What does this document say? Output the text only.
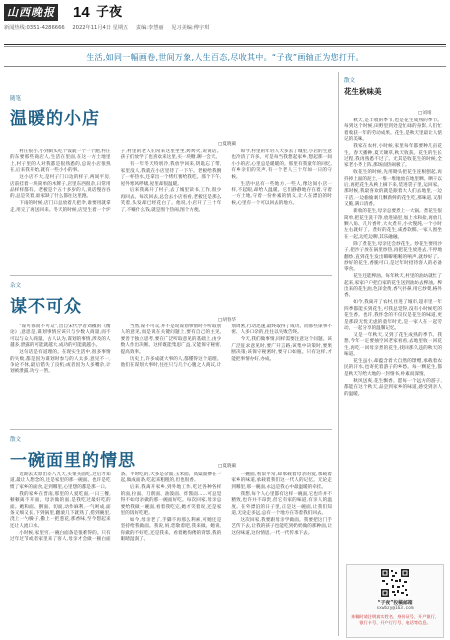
山西晚报 14 子夜
新闻热线:0351-4286666 2022年11月4日 星期五 责编:李慧丽 见习美编:傅宇琪
生活,如同一幅画卷,世间万象,人生百态,尽收其中。“子夜”画轴正为您打开。
随笔
温暖的小店
□夏晓蔺

村庄很小,小到街头吃个饭就一个一个跑,村庄的东要那些商店人,生活在里面,在这一方土地里上,村子里的人对我都是很熟悉的,总说小店很熟在,后来我开始,就有一些小小的事。

这小店不大,是村子门口边的样子,两间平房,店前挂着一块简单的木牌子,店里东西很杂,日常用品样样都有。老板是个五十多岁的人,说话慢吞吞的,总是笑着,谁家缺了什么都往这里跑。

下雨的时候,店门口总放着几把伞,谁要用就拿走,用完了再送回来。冬天的时候,店里生着一个炉子,村里的老人们常来这里坐坐,烤烤火,说说话。孩子们放学了也喜欢来这里,买一块糖,聊一会天。

有一年冬天特别冷,我放学回来,钥匙忘了带,家里没人,我就在小店里待了一下午。老板给我倒了一杯热水,还拿出一个烤红薯给我吃。那个下午,屋外寒风呼啸,屋里却很温暖。

后来我离开了村子,去了城里读书,工作,很少再回去。每次回去,总会去小店看看,老板还是那么笑着,头发却已经花白了。他说,小店开了三十年了,不赚什么钱,就是图个热闹,图个方便。

如今,村里的年轻人大多去了城里,小店的生意也冷清了许多。可是每当我想起家乡,想起那一间小小的店,心里总是暖暖的。那里有我童年的回忆,有乡亲们的笑声,有一个老人三十年如一日的守候。

生活中总有一些地方,一些人,像这间小店一样,不起眼,却给人温暖。它们静静地存在着,守着一方土地,守着一份朴素的情义,让人在漂泊的时候,心里有一个可以回去的地方。

杂文
谋不可众
□胡春华

“谋可寡而不可众”,出自宋代学者刘敞的《衡论》,意思是,谋划事情应该只与少数人商量,而不可以与众人商量。古人认为,谋划的事情,涉及的人越多,泄露的可能就越大,成功的可能就越小。

这句话是有道理的。在现实生活中,很多事情的失败,都是因为谋划时参与的人太多,意见不一,争论不休,最后错失了良机;或者因为人多嘴杂,计划被泄露,功亏一篑。

当然,谋不可众,并不是说谋划事情时不听取别人的意见,而是说在关键问题上,要有自己的主见,要善于独立思考,要在广泛听取意见的基础上,由少数人作出决断。这样既能集思广益,又能保守秘密,提高效率。

历史上,许多成就大事的人,都懂得这个道理。他们在谋划大事时,往往只与几个心腹之人商议,计划周密,行动迅速,最终取得了成功。而那些谋事不密、人多口杂的,往往以失败告终。

今天,我们做事情,同样需要注意这个问题。该广泛征求意见时,要广开言路;该集中决策时,要果断决策;该保守秘密时,要守口如瓶。只有这样,才能把事情办好,办成。

散文
一碗面里的情思	□夏晓蔺

近期去太原出差八九天,买菜买面吃,过后才知道,最让人想念的,还是家里的那一碗面。也许是吃惯了家乡的面食,走到哪里,心里想的都是那一口。

我的家乡在晋南,那里的人爱吃面,一日三餐,顿顿离不开面。母亲做的面,是我吃过最好吃的面。她和面、擀面、切面,动作麻利,一气呵成,面条又细又长,下到锅里,翻滚几下就熟了,捞到碗里,浇上一勺臊子,撒上一把葱花,那香味,至今想起来还让人流口水。

小时候,家里穷,一碗白面条是很难得的。只有过年过节或者家里来了客人,母亲才会做一顿白面条。平时吃的,大多是杂面,玉米面、高粱面掺在一起,做成面条,吃起来粗粗的,但也很香。

后来,我离开家乡,到外地工作,吃过各种各样的面,拉面、刀削面、油泼面、炸酱面……可总觉得不如母亲做的那一碗面好吃。每次回家,母亲总要给我做一碗面,看着我吃完,她才笑着说,还是家里的饭好吃吧。

如今,母亲老了,手脚不再那么利索,可她还是坚持给我做面。我说,妈,您歇着吧,我来做。她说,你做的不好吃,还是我来。看着她佝偻的背影,我的眼睛湿润了。

一碗面,看似平常,却承载着母亲的爱,承载着家乡的味道,承载着我们这一代人的记忆。无论走到哪里,那一碗面,永远是我心中最温暖的牵挂。

我想,每个人心里都有这样一碗面,它也许并不精致,也许并不昂贵,但它有家的味道,有亲人的温度。在外漂泊的日子里,正是这一碗面,让我们知道,无论走多远,总有一个地方在等着我们回去。

这次回家,我要跟母亲学做面。我要把这门手艺传下去,让我的孩子也能吃到奶奶做的那种面,让这份味道,这份情思,一代一代传承下去。

散文
花生秋味美
□刘靖

秋天,是丰收的季节,也是花生成熟的季节。每到这个时候,田野里到处是忙碌的身影,人们忙着收获一年的劳动成果。花生,是秋天里最让人惦记的美味。

我家在农村,小时候,家里每年都要种几亩花生。春天播种,夏天锄草,秋天收获。花生的生长过程,我再熟悉不过了。尤其是收花生的时候,全家老小齐上阵,那场面热闹极了。

收花生的时候,先用锄头把花生连根刨起,再抖掉上面的泥土,一堆一堆地放在地里晒。晒干以后,再把花生从秧上摘下来,装进袋子里,运回家。那时候,我最喜欢的就是跟着大人们去地里,一边干活,一边偷偷剥几颗新鲜的花生吃,那味道,又甜又脆,满口清香。

新收的花生,母亲总要煮上一大锅。煮花生很简单,把花生洗干净,放进锅里,加上水和盐,再放几颗八角、几片香叶,大火煮开,小火慢炖,一个小时左右就好了。煮好的花生,咸香软糯,一家人围坐在一起,边吃边聊,其乐融融。

除了煮花生,母亲还会炒花生。炒花生要用沙子,把沙子放在锅里炒热,再把花生放进去,不停地翻炒,直到花生发出噼噼啪啪的响声,就炒好了。炒好的花生,香脆可口,是过年时招待客人的必备零食。

花生还能榨油。每年秋天,村里的油坊就忙了起来,家家户户把自家的花生送到油坊去榨油。榨出来的花生油,色泽金黄,香气扑鼻,用它炒菜,格外香。

如今,我离开了农村,住进了城市,超市里一年四季都能买到花生,可我总觉得,没有小时候吃的花生香。也许,我怀念的不仅仅是花生的味道,更是那段无忧无虑的童年时光,是一家人在一起劳动、一起分享的温馨记忆。

又是一年秋天,又到了花生成熟的季节。我想,今年一定要抽空回老家看看,去地里收一回花生,再吃一回母亲煮的花生,找回那久违的秋天的味道。

花生虽小,却蕴含着大自然的馈赠,承载着农民的汗水,也寄托着游子的乡愁。每一颗花生,都是秋天写给大地的一封情书,朴素而深情。

秋风送爽,花生飘香。愿每一个远方的游子,都能在这个秋天,品尝到家乡的味道,感受到亲人的温暖。

“子夜”投稿邮箱
sxwbzy@163.com
来稿时请注明真实姓名、身份证号、开户银行、银行卡号、开户行行号、电话等信息。
